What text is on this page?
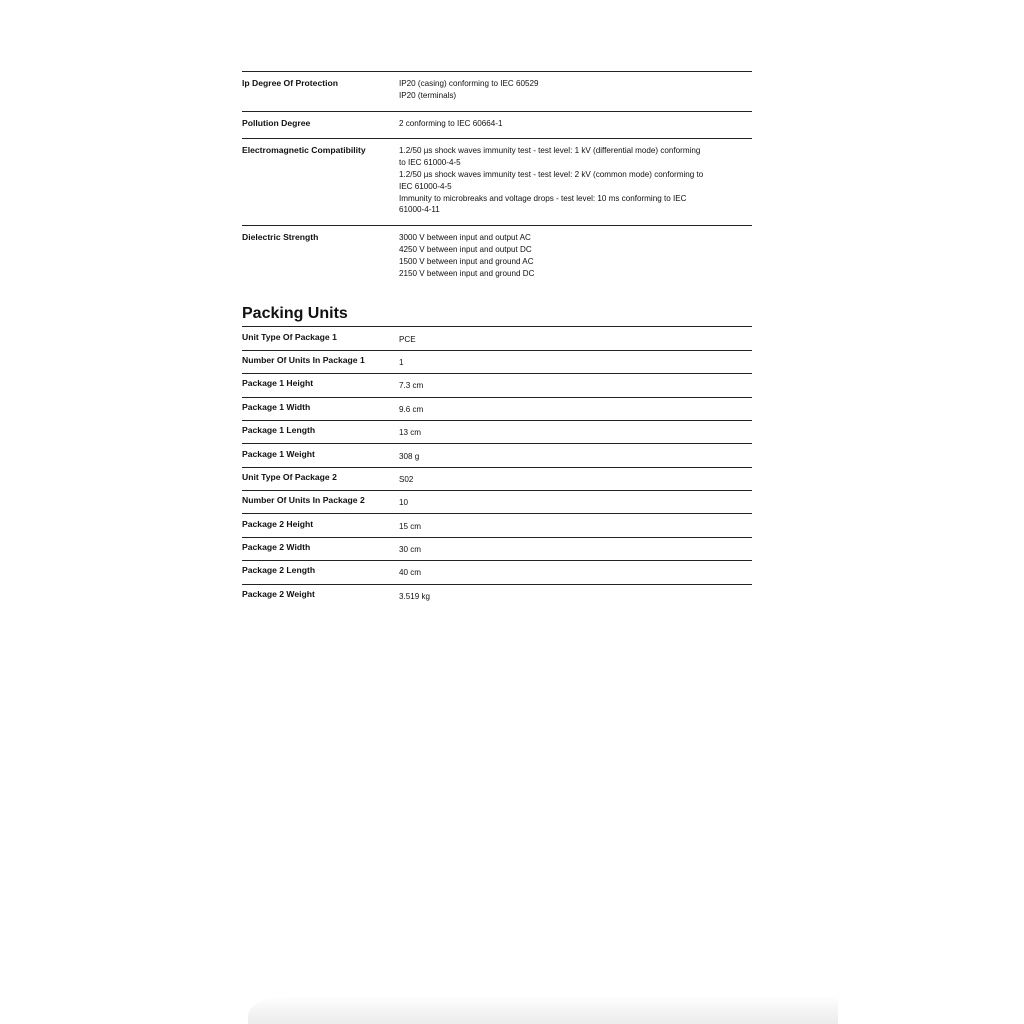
Ip Degree Of Protection	IP20 (casing) conforming to IEC 60529
IP20 (terminals)
Pollution Degree	2 conforming to IEC 60664-1
Electromagnetic Compatibility	1.2/50 µs shock waves immunity test - test level: 1 kV (differential mode) conforming
to IEC 61000-4-5
1.2/50 µs shock waves immunity test - test level: 2 kV (common mode) conforming to
IEC 61000-4-5
Immunity to microbreaks and voltage drops - test level: 10 ms conforming to IEC
61000-4-11
Dielectric Strength	3000 V between input and output AC
4250 V between input and output DC
1500 V between input and ground AC
2150 V between input and ground DC
Packing Units
Unit Type Of Package 1	PCE
Number Of Units In Package 1	1
Package 1 Height	7.3 cm
Package 1 Width	9.6 cm
Package 1 Length	13 cm
Package 1 Weight	308 g
Unit Type Of Package 2	S02
Number Of Units In Package 2	10
Package 2 Height	15 cm
Package 2 Width	30 cm
Package 2 Length	40 cm
Package 2 Weight	3.519 kg
